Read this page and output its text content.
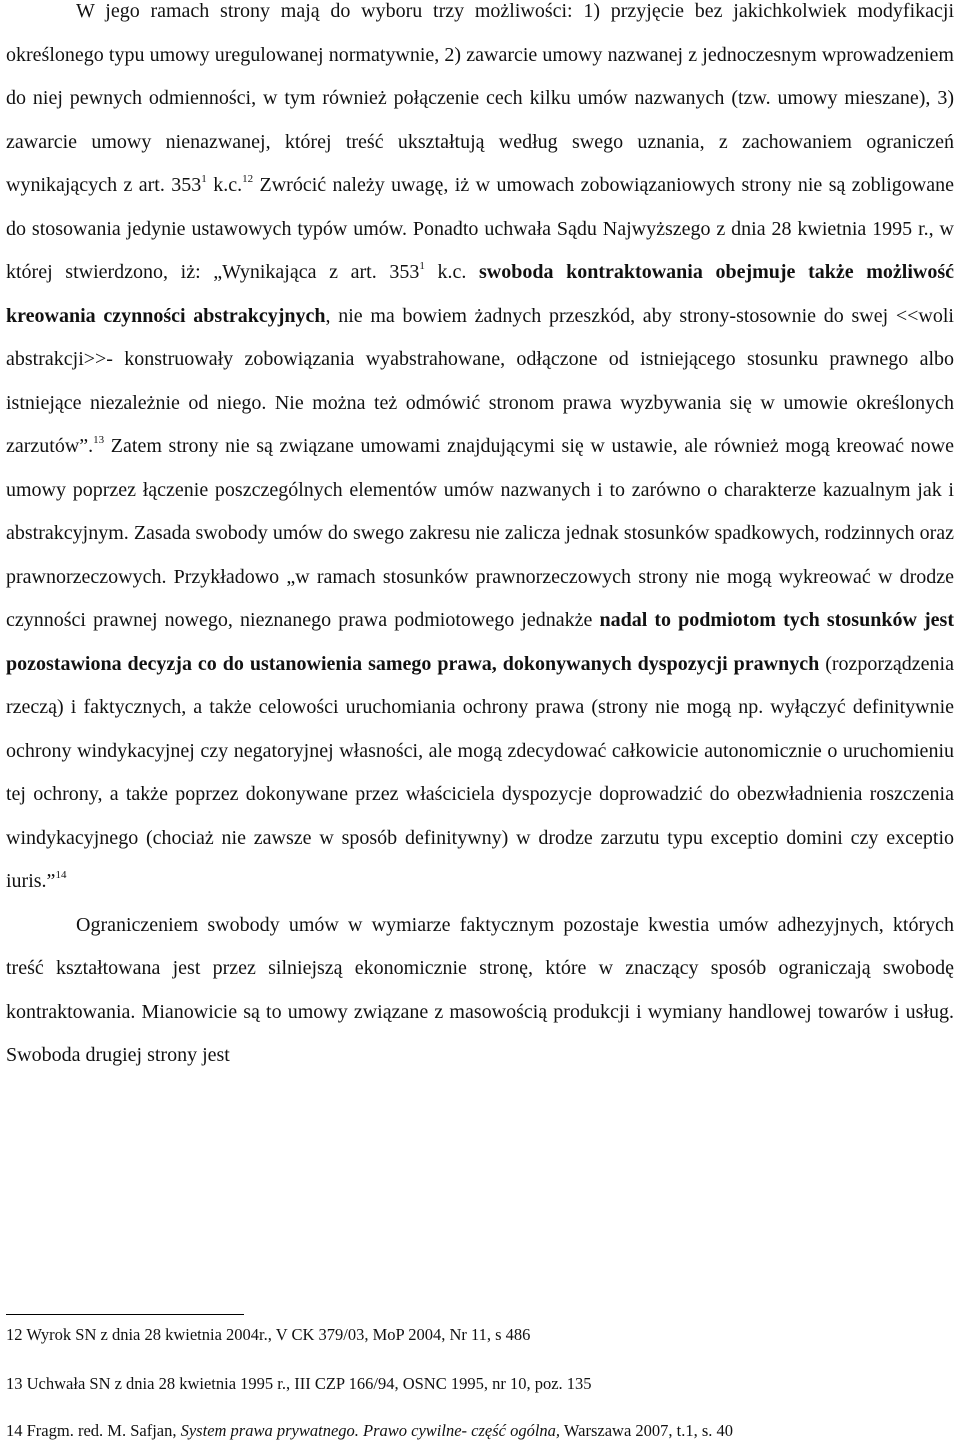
W jego ramach strony mają do wyboru trzy możliwości: 1) przyjęcie bez jakichkolwiek modyfikacji określonego typu umowy uregulowanej normatywnie, 2) zawarcie umowy nazwanej z jednoczesnym wprowadzeniem do niej pewnych odmienności, w tym również połączenie cech kilku umów nazwanych (tzw. umowy mieszane), 3) zawarcie umowy nienazwanej, której treść ukształtują według swego uznania, z zachowaniem ograniczeń wynikających z art. $353^1$ k.c.$^{12}$ Zwrócić należy uwagę, iż w umowach zobowiązaniowych strony nie są zobligowane do stosowania jedynie ustawowych typów umów. Ponadto uchwała Sądu Najwyższego z dnia 28 kwietnia 1995 r., w której stwierdzono, iż: „Wynikająca z art. $353^1$ k.c. swoboda kontraktowania obejmuje także możliwość kreowania czynności abstrakcyjnych, nie ma bowiem żadnych przeszkód, aby strony-stosownie do swej <<woli abstrakcji>>- konstruowały zobowiązania wyabstrahowane, odłączone od istniejącego stosunku prawnego albo istniejące niezależnie od niego. Nie można też odmówić stronom prawa wyzbywania się w umowie określonych zarzutów”.$^{13}$ Zatem strony nie są związane umowami znajdującymi się w ustawie, ale również mogą kreować nowe umowy poprzez łączenie poszczególnych elementów umów nazwanych i to zarówno o charakterze kazualnym jak i abstrakcyjnym. Zasada swobody umów do swego zakresu nie zalicza jednak stosunków spadkowych, rodzinnych oraz prawnorzeczowych. Przykładowo „w ramach stosunków prawnorzeczowych strony nie mogą wykreować w drodze czynności prawnej nowego, nieznanego prawa podmiotowego jednakże nadal to podmiotom tych stosunków jest pozostawiona decyzja co do ustanowienia samego prawa, dokonywanych dyspozycji prawnych (rozporządzenia rzeczą) i faktycznych, a także celowości uruchomiania ochrony prawa (strony nie mogą np. wyłączyć definitywnie ochrony windykacyjnej czy negatoryjnej własności, ale mogą zdecydować całkowicie autonomicznie o uruchomieniu tej ochrony, a także poprzez dokonywane przez właściciela dyspozycje doprowadzić do obezwładnienia roszczenia windykacyjnego (chociaż nie zawsze w sposób definitywny) w drodze zarzutu typu exceptio domini czy exceptio iuris.”$^{14}$

Ograniczeniem swobody umów w wymiarze faktycznym pozostaje kwestia umów adhezyjnych, których treść kształtowana jest przez silniejszą ekonomicznie stronę, które w znaczący sposób ograniczają swobodę kontraktowania. Mianowicie są to umowy związane z masowością produkcji i wymiany handlowej towarów i usług. Swoboda drugiej strony jest

12 Wyrok SN z dnia 28 kwietnia 2004r., V CK 379/03, MoP 2004, Nr 11, s 486

13 Uchwała SN z dnia 28 kwietnia 1995 r., III CZP 166/94, OSNC 1995, nr 10, poz. 135

14 Fragm. red. M. Safjan, System prawa prywatnego. Prawo cywilne- część ogólna, Warszawa 2007, t.1, s. 40
